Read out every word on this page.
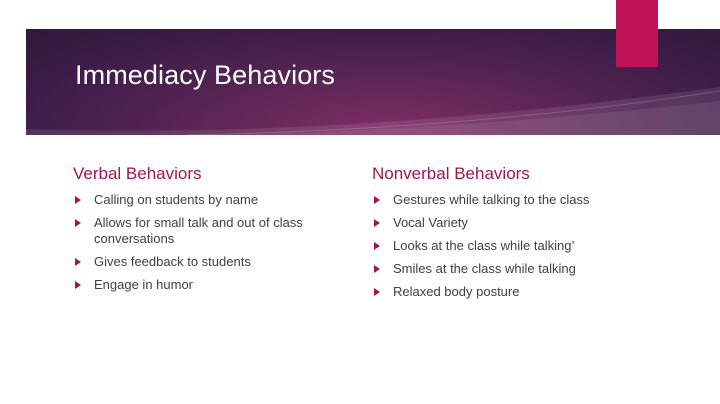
Immediacy Behaviors
Verbal Behaviors
Calling on students by name
Allows for small talk and out of class conversations
Gives feedback to students
Engage in humor
Nonverbal Behaviors
Gestures while talking to the class
Vocal Variety
Looks at the class while talking’
Smiles at the class while talking
Relaxed body posture
